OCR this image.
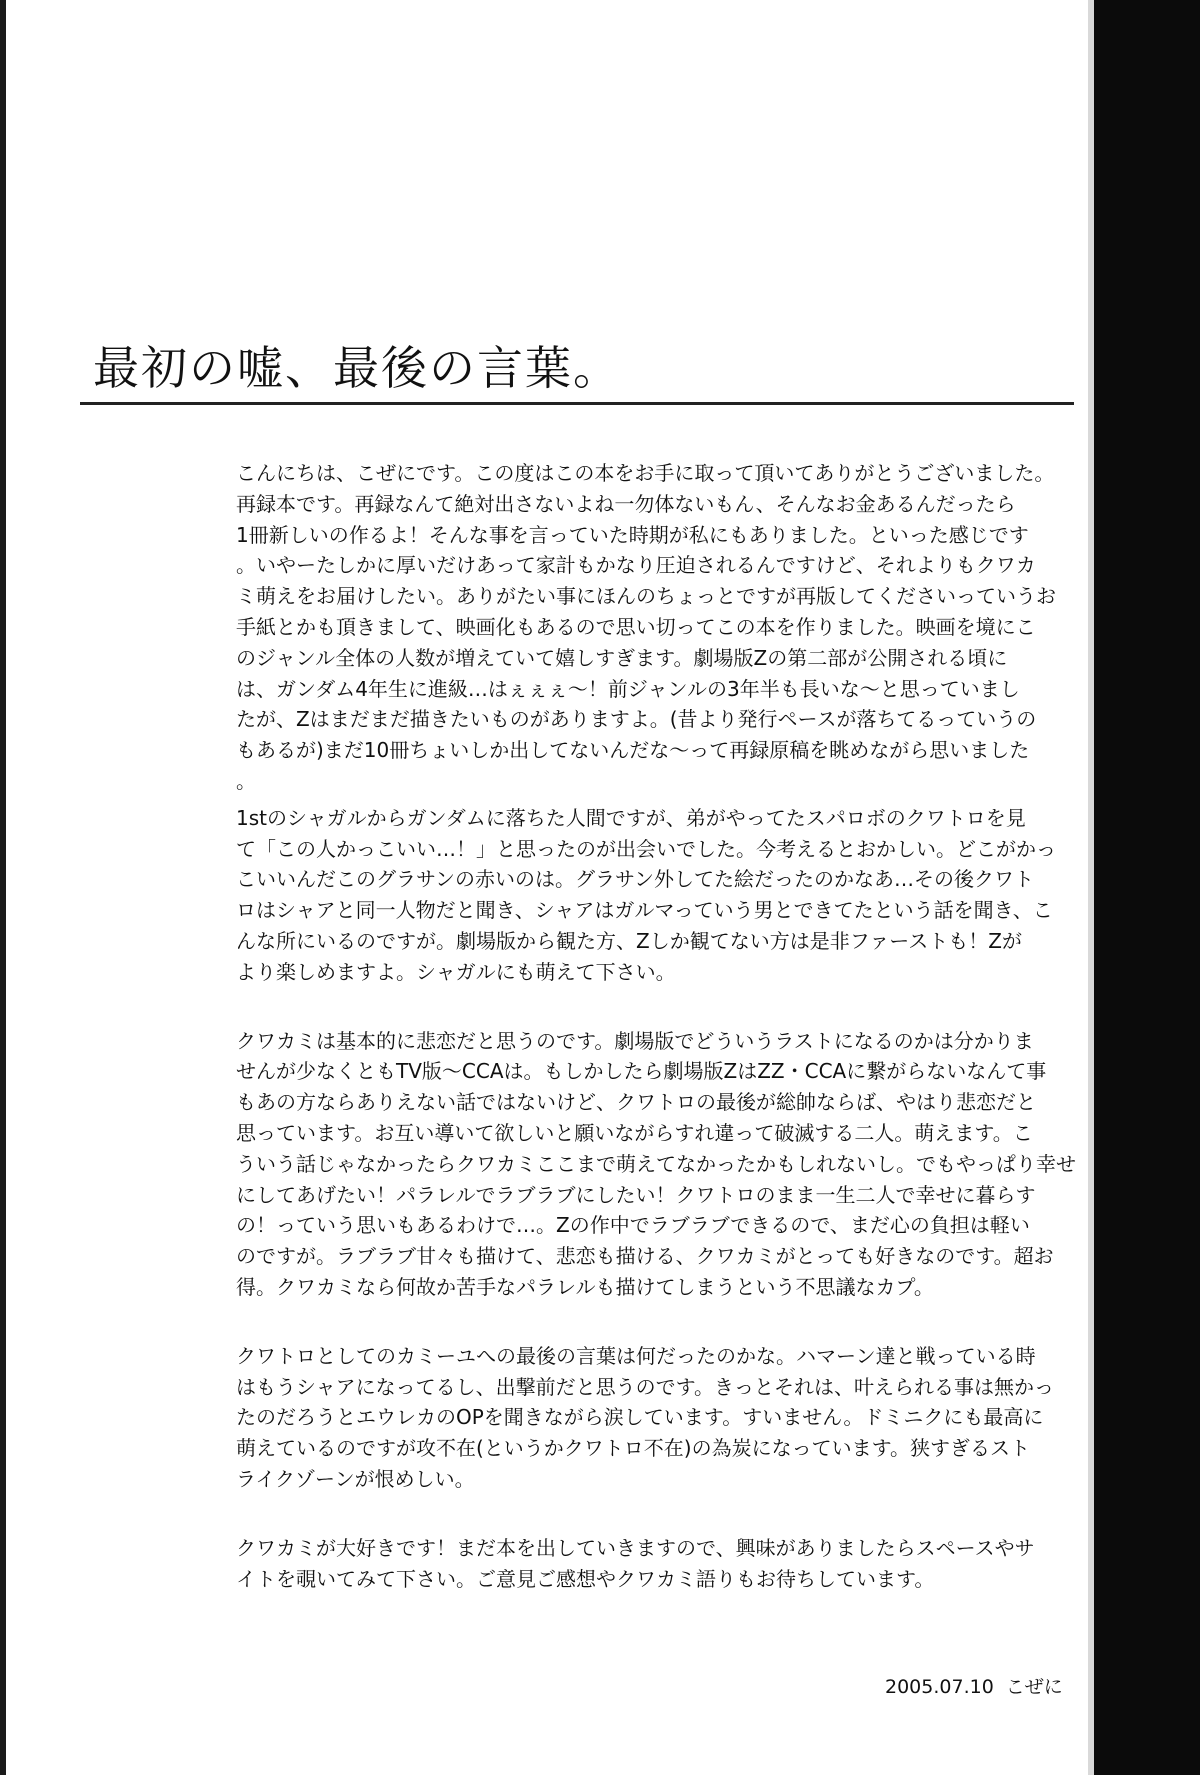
最初の嘘、最後の言葉。

こんにちは、こぜにです。この度はこの本をお手に取って頂いてありがとうございました。
再録本です。再録なんて絶対出さないよね一勿体ないもん、そんなお金あるんだったら
1冊新しいの作るよ！そんな事を言っていた時期が私にもありました。といった感じです
。いやーたしかに厚いだけあって家計もかなり圧迫されるんですけど、それよりもクワカ
ミ萌えをお届けしたい。ありがたい事にほんのちょっとですが再版してくださいっていうお
手紙とかも頂きまして、映画化もあるので思い切ってこの本を作りました。映画を境にこ
のジャンル全体の人数が増えていて嬉しすぎます。劇場版Zの第二部が公開される頃に
は、ガンダム4年生に進級…はぇぇぇ～！前ジャンルの3年半も長いな～と思っていまし
たが、Zはまだまだ描きたいものがありますよ。(昔より発行ペースが落ちてるっていうの
もあるが)まだ10冊ちょいしか出してないんだな～って再録原稿を眺めながら思いました
。

1stのシャガルからガンダムに落ちた人間ですが、弟がやってたスパロボのクワトロを見
て「この人かっこいい…！」と思ったのが出会いでした。今考えるとおかしい。どこがかっ
こいいんだこのグラサンの赤いのは。グラサン外してた絵だったのかなあ…その後クワト
ロはシャアと同一人物だと聞き、シャアはガルマっていう男とできてたという話を聞き、こ
んな所にいるのですが。劇場版から観た方、Zしか観てない方は是非ファーストも！Zが
より楽しめますよ。シャガルにも萌えて下さい。

クワカミは基本的に悲恋だと思うのです。劇場版でどういうラストになるのかは分かりま
せんが少なくともTV版～CCAは。もしかしたら劇場版ZはZZ・CCAに繋がらないなんて事
もあの方ならありえない話ではないけど、クワトロの最後が総帥ならば、やはり悲恋だと
思っています。お互い導いて欲しいと願いながらすれ違って破滅する二人。萌えます。こ
ういう話じゃなかったらクワカミここまで萌えてなかったかもしれないし。でもやっぱり幸せ
にしてあげたい！パラレルでラブラブにしたい！クワトロのまま一生二人で幸せに暮らす
の！っていう思いもあるわけで…。Zの作中でラブラブできるので、まだ心の負担は軽い
のですが。ラブラブ甘々も描けて、悲恋も描ける、クワカミがとっても好きなのです。超お
得。クワカミなら何故か苦手なパラレルも描けてしまうという不思議なカプ。

クワトロとしてのカミーユへの最後の言葉は何だったのかな。ハマーン達と戦っている時
はもうシャアになってるし、出撃前だと思うのです。きっとそれは、叶えられる事は無かっ
たのだろうとエウレカのOPを聞きながら涙しています。すいません。ドミニクにも最高に
萌えているのですが攻不在(というかクワトロ不在)の為炭になっています。狭すぎるスト
ライクゾーンが恨めしい。

クワカミが大好きです！まだ本を出していきますので、興味がありましたらスペースやサ
イトを覗いてみて下さい。ご意見ご感想やクワカミ語りもお待ちしています。

2005.07.10 こぜに
